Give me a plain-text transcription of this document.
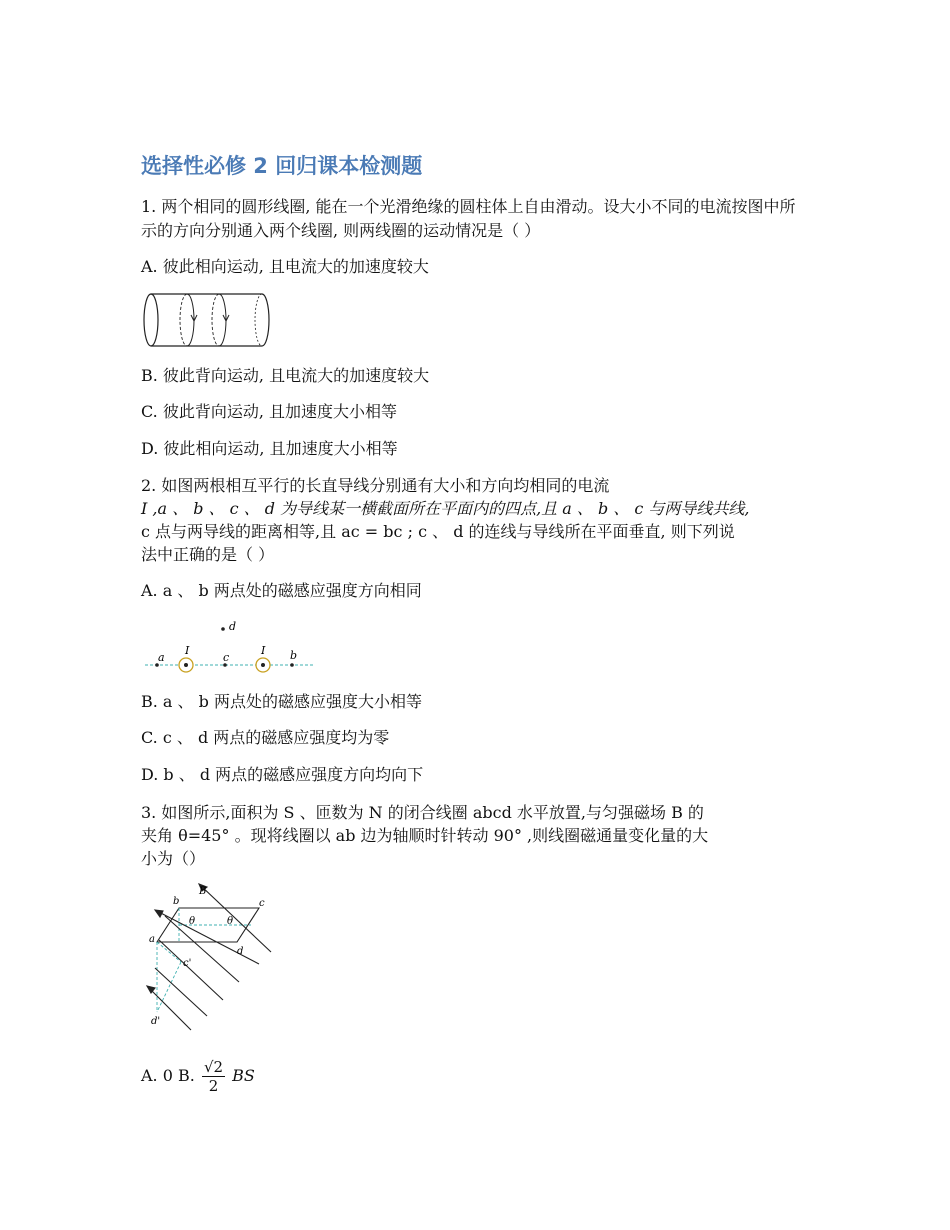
选择性必修 2 回归课本检测题
1. 两个相同的圆形线圈, 能在一个光滑绝缘的圆柱体上自由滑动。设大小不同的电流按图中所示的方向分别通入两个线圈, 则两线圈的运动情况是（ ）
A. 彼此相向运动, 且电流大的加速度较大
B. 彼此背向运动, 且电流大的加速度较大
C. 彼此背向运动, 且加速度大小相等
D. 彼此相向运动, 且加速度大小相等
2. 如图两根相互平行的长直导线分别通有大小和方向均相同的电流
I ,a 、 b 、 c 、 d 为导线某一横截面所在平面内的四点,且 a 、 b 、 c 与两导线共线,
c 点与两导线的距离相等,且 ac = bc ; c 、 d 的连线与导线所在平面垂直, 则下列说
法中正确的是（ ）
A. a 、 b 两点处的磁感应强度方向相同
d
a
I
c
I b
B. a 、 b 两点处的磁感应强度大小相等
C. c 、 d 两点的磁感应强度均为零
D. b 、 d 两点的磁感应强度方向均向下
3. 如图所示,面积为 S 、匝数为 N 的闭合线圈 abcd 水平放置,与匀强磁场 B 的
夹角 θ=45° 。现将线圈以 ab 边为轴顺时针转动 90° ,则线圈磁通量变化量的大
小为（）
B
b	c
a
d
c'
d'
θ	θ
A. 0 B. $\frac{√2}{2}$ BS
